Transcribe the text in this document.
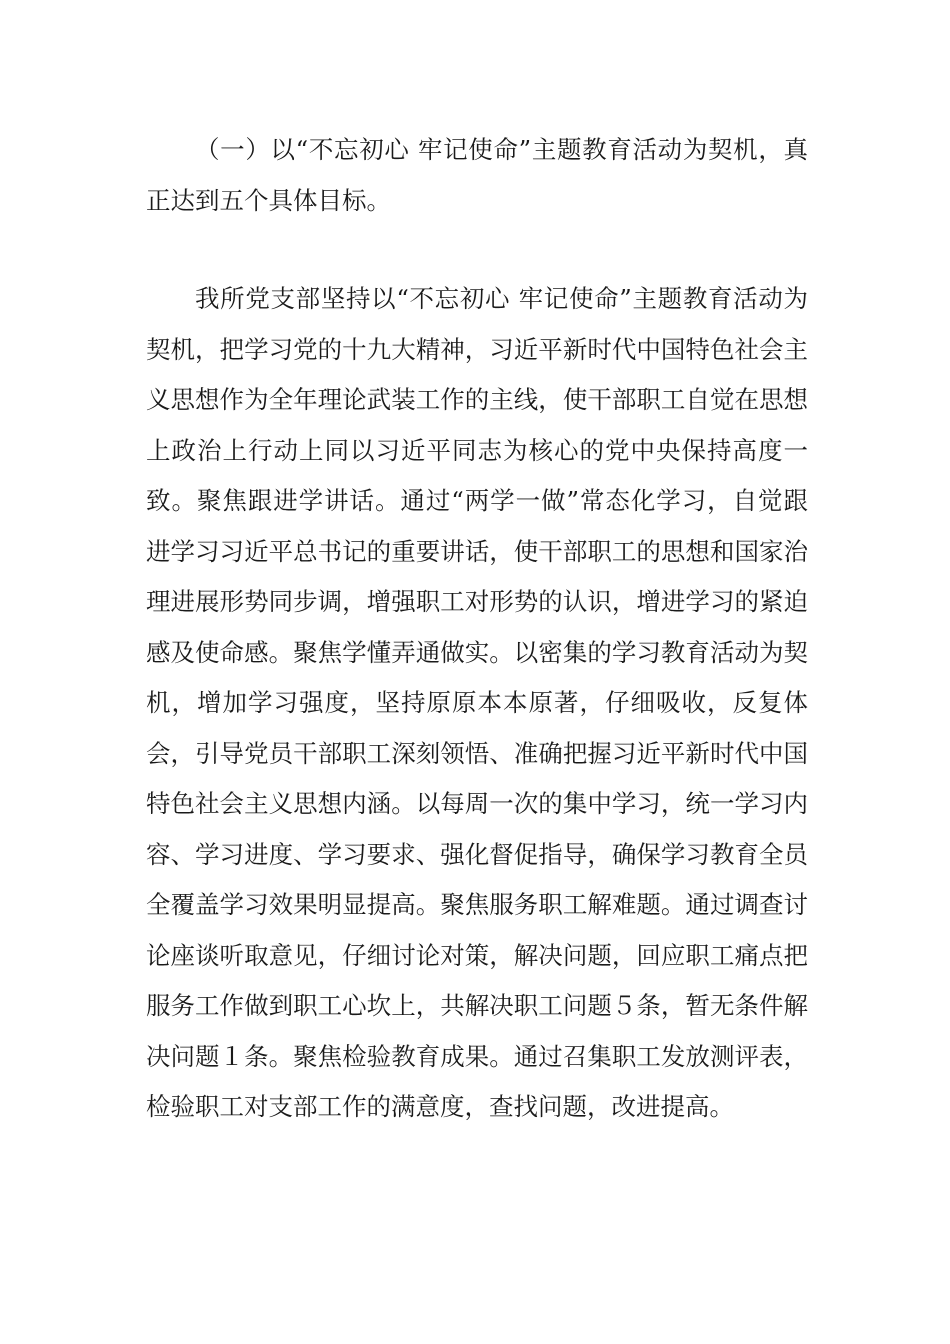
（一）以“不忘初心 牢记使命”主题教育活动为契机，真正达到五个具体目标。

我所党支部坚持以“不忘初心 牢记使命”主题教育活动为契机，把学习党的十九大精神，习近平新时代中国特色社会主义思想作为全年理论武装工作的主线，使干部职工自觉在思想上政治上行动上同以习近平同志为核心的党中央保持高度一致。聚焦跟进学讲话。通过“两学一做”常态化学习，自觉跟进学习习近平总书记的重要讲话，使干部职工的思想和国家治理进展形势同步调，增强职工对形势的认识，增进学习的紧迫感及使命感。聚焦学懂弄通做实。以密集的学习教育活动为契机，增加学习强度，坚持原原本本原著，仔细吸收，反复体会，引导党员干部职工深刻领悟、准确把握习近平新时代中国特色社会主义思想内涵。以每周一次的集中学习，统一学习内容、学习进度、学习要求、强化督促指导，确保学习教育全员全覆盖学习效果明显提高。聚焦服务职工解难题。通过调查讨论座谈听取意见，仔细讨论对策，解决问题，回应职工痛点把服务工作做到职工心坎上，共解决职工问题５条，暂无条件解决问题１条。聚焦检验教育成果。通过召集职工发放测评表，检验职工对支部工作的满意度，查找问题，改进提高。
